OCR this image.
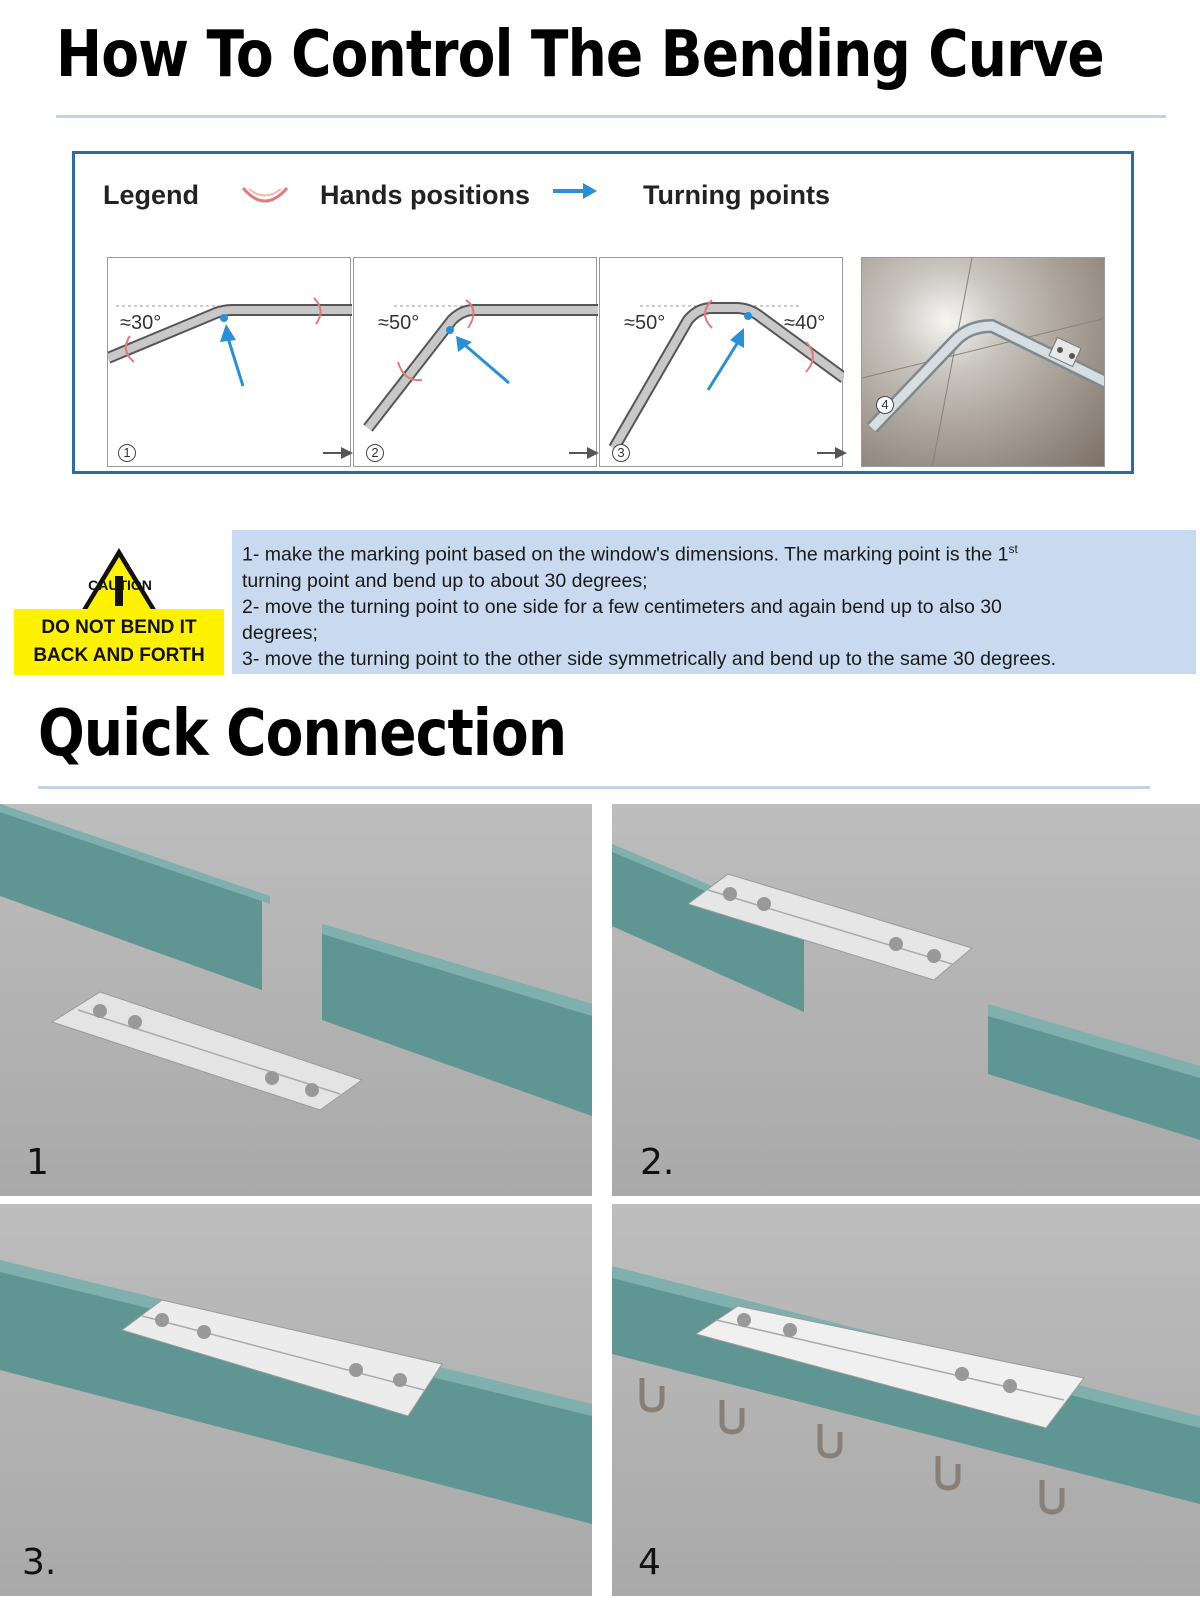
How To Control The Bending Curve
Legend	Hands positions	Turning points
≈30°
1
≈50°
2
≈50°	≈40°
3
4
CAUTION
DO NOT BEND IT
BACK AND FORTH
1- make the marking point based on the window's dimensions. The marking point is the 1st
turning point and bend up to about 30 degrees;
2- move the turning point to one side for a few centimeters and again bend up to also 30
degrees;
3- move the turning point to the other side symmetrically and bend up to the same 30 degrees.
Quick Connection
1	2.
3.	4
